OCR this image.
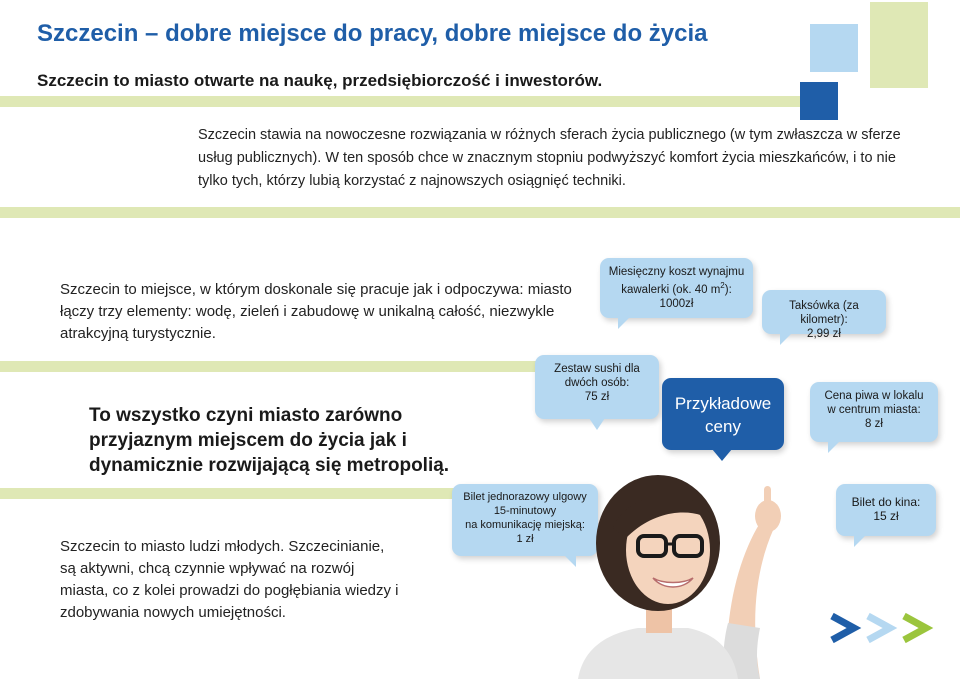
Szczecin – dobre miejsce do pracy, dobre miejsce do życia
Szczecin to miasto otwarte na naukę, przedsiębiorczość i inwestorów.
Szczecin stawia na nowoczesne rozwiązania w różnych sferach życia publicznego (w tym zwłaszcza w sferze usług publicznych). W ten sposób chce w znacznym stopniu podwyższyć komfort życia mieszkańców, i to nie tylko tych, którzy lubią korzystać z najnowszych osiągnięć techniki.
Szczecin to miejsce, w którym doskonale się pracuje jak i odpoczywa: miasto łączy trzy elementy: wodę, zieleń i zabudowę w unikalną całość, niezwykle atrakcyjną turystycznie.
To wszystko czyni miasto zarówno przyjaznym miejscem do życia jak i dynamicznie rozwijającą się metropolią.
Szczecin to miasto ludzi młodych. Szczecinianie, są aktywni, chcą czynnie wpływać na rozwój miasta, co z kolei prowadzi do pogłębiania wiedzy i zdobywania nowych umiejętności.
Miesięczny koszt wynajmu
kawalerki (ok. 40 $m^2$):
1000zł	Taksówka (za kilometr):
2,99 zł
Zestaw sushi dla
dwóch osób:
75 zł	Przykładowe
ceny
Cena piwa w lokalu
w centrum miasta:
8 zł
Bilet jednorazowy ulgowy
15-minutowy
na komunikację miejską:
1 zł
Bilet do kina:
15 zł
